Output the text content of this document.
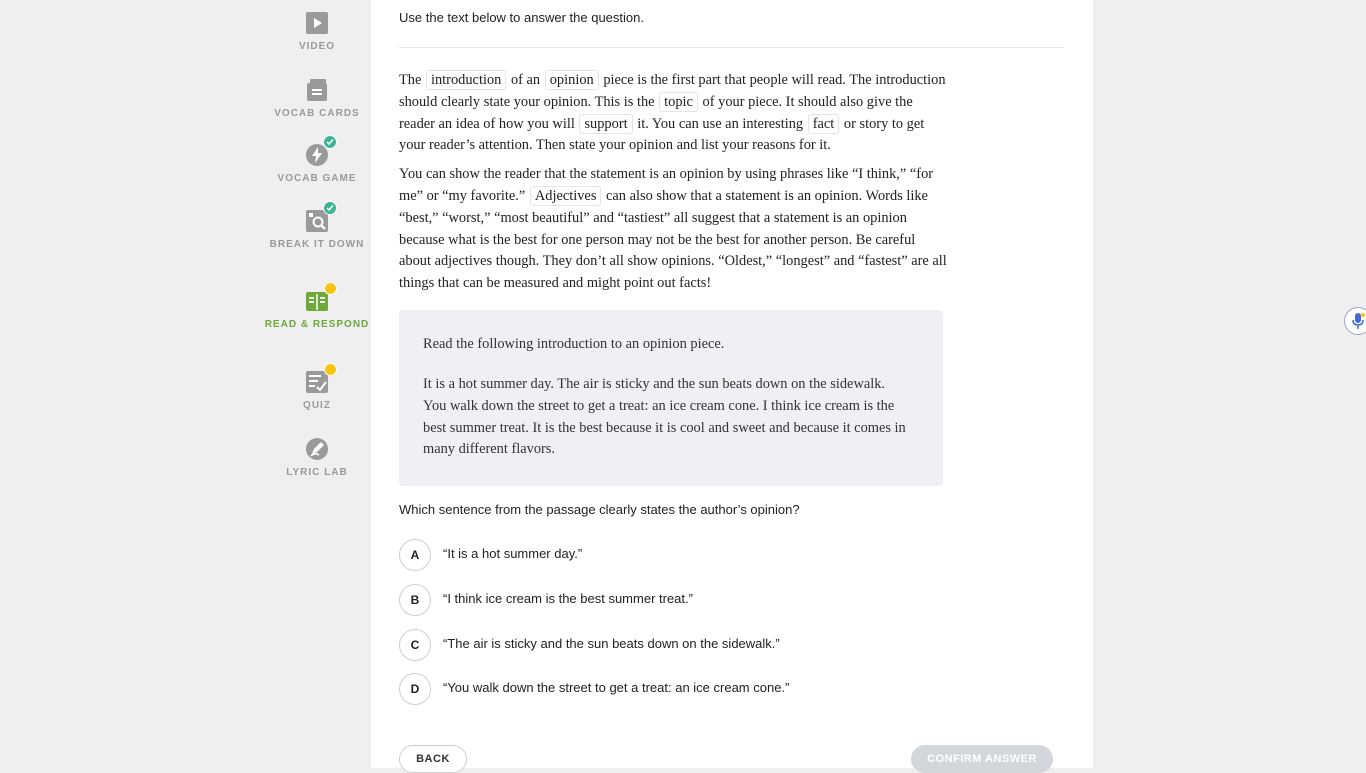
VIDEO
VOCAB CARDS
VOCAB GAME
BREAK IT DOWN
READ & RESPOND
QUIZ
LYRIC LAB
Use the text below to answer the question.

The introduction of an opinion piece is the first part that people will read. The introduction should clearly state your opinion. This is the topic of your piece. It should also give the reader an idea of how you will support it. You can use an interesting fact or story to get your reader’s attention. Then state your opinion and list your reasons for it.

You can show the reader that the statement is an opinion by using phrases like “I think,” “for me” or “my favorite.” Adjectives can also show that a statement is an opinion. Words like “best,” “worst,” “most beautiful” and “tastiest” all suggest that a statement is an opinion because what is the best for one person may not be the best for another person. Be careful about adjectives though. They don’t all show opinions. “Oldest,” “longest” and “fastest” are all things that can be measured and might point out facts!

Read the following introduction to an opinion piece.

It is a hot summer day. The air is sticky and the sun beats down on the sidewalk. You walk down the street to get a treat: an ice cream cone. I think ice cream is the best summer treat. It is the best because it is cool and sweet and because it comes in many different flavors.

Which sentence from the passage clearly states the author’s opinion?
A	“It is a hot summer day.”
B	“I think ice cream is the best summer treat.”
C	“The air is sticky and the sun beats down on the sidewalk.”
D	“You walk down the street to get a treat: an ice cream cone.”
BACK	CONFIRM ANSWER
